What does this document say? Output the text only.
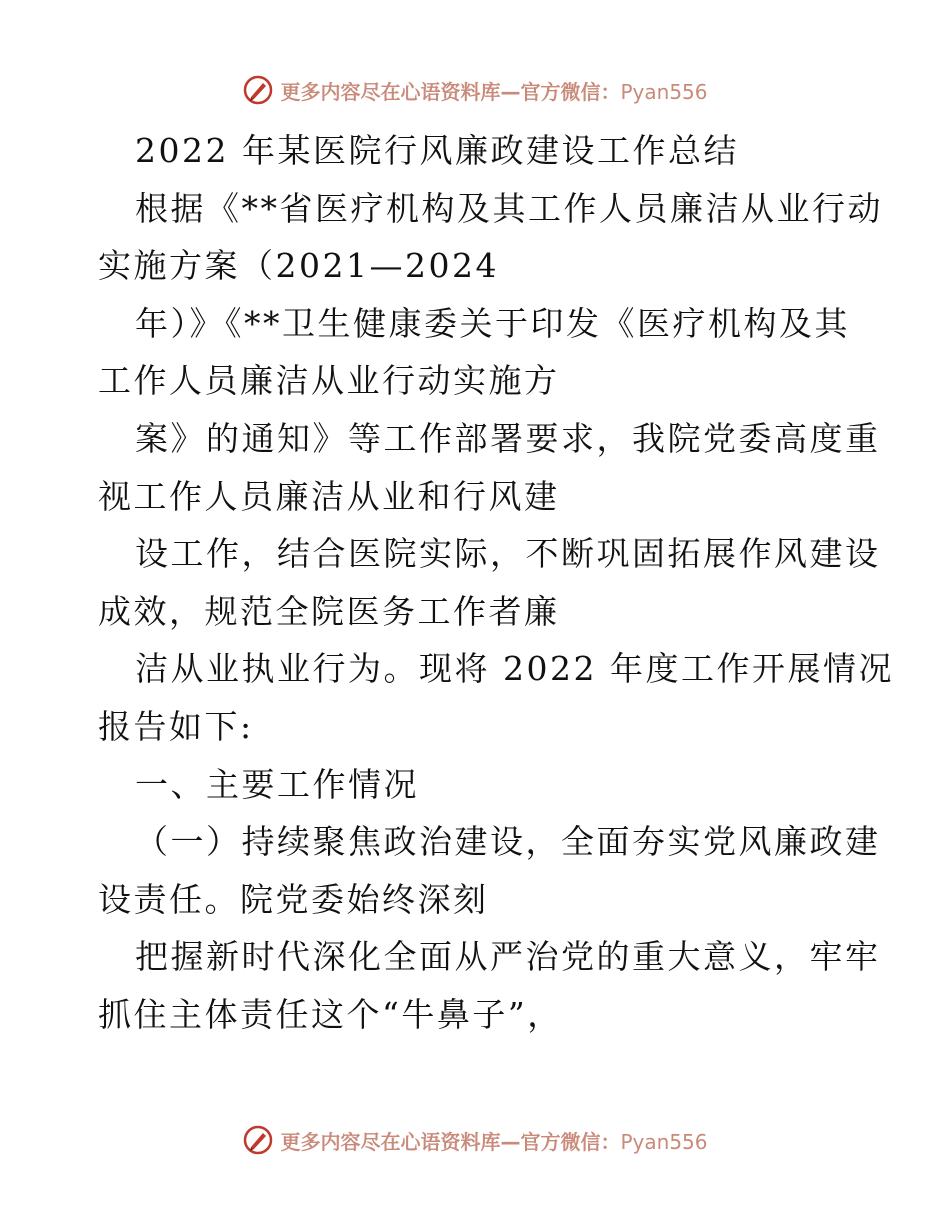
更多内容尽在心语资料库—官方微信：Pyan556
2022 年某医院行风廉政建设工作总结
根据《**省医疗机构及其工作人员廉洁从业行动
实施方案（2021—2024
年）》《**卫生健康委关于印发《医疗机构及其
工作人员廉洁从业行动实施方
案》的通知》等工作部署要求，我院党委高度重
视工作人员廉洁从业和行风建
设工作，结合医院实际，不断巩固拓展作风建设
成效，规范全院医务工作者廉
洁从业执业行为。现将 2022 年度工作开展情况
报告如下:
一、主要工作情况
（一）持续聚焦政治建设，全面夯实党风廉政建
设责任。院党委始终深刻
把握新时代深化全面从严治党的重大意义，牢牢
抓住主体责任这个“牛鼻子”，
更多内容尽在心语资料库—官方微信：Pyan556
